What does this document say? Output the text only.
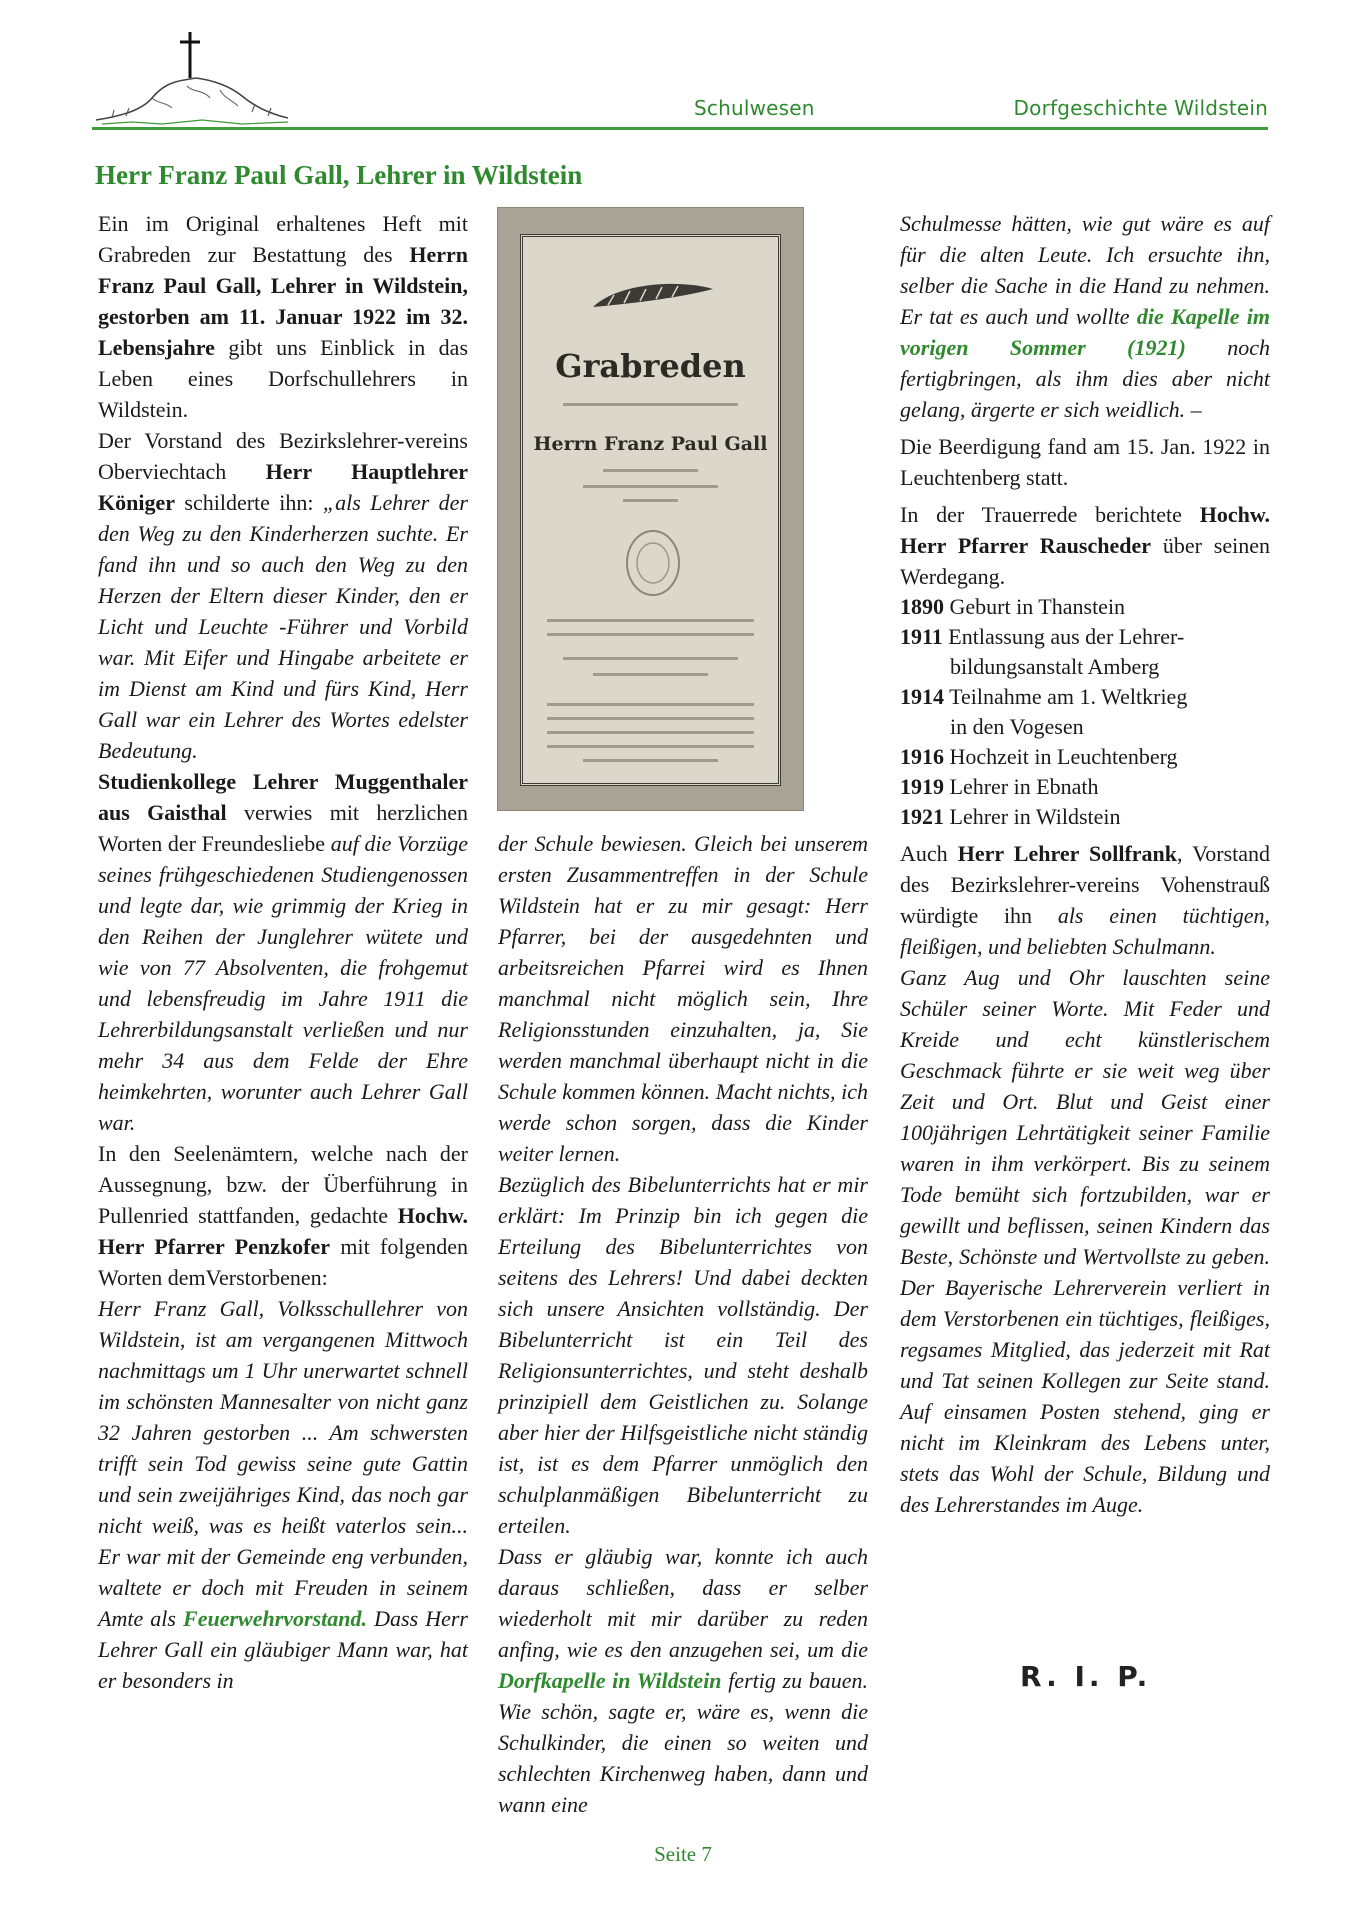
Schulwesen	Dorfgeschichte Wildstein
Herr Franz Paul Gall, Lehrer in Wildstein

Ein im Original erhaltenes Heft mit Grabreden zur Bestattung des Herrn Franz Paul Gall, Lehrer in Wildstein, gestorben am 11. Januar 1922 im 32. Lebensjahre gibt uns Einblick in das Leben eines Dorfschullehrers in Wildstein.

Der Vorstand des Bezirkslehrer-vereins Oberviechtach Herr Hauptlehrer Königer schilderte ihn: „als Lehrer der den Weg zu den Kinderherzen suchte. Er fand ihn und so auch den Weg zu den Herzen der Eltern dieser Kinder, den er Licht und Leuchte -Führer und Vorbild war. Mit Eifer und Hingabe arbeitete er im Dienst am Kind und fürs Kind, Herr Gall war ein Lehrer des Wortes edelster Bedeutung.

Studienkollege Lehrer Muggenthaler aus Gaisthal verwies mit herzlichen Worten der Freundesliebe auf die Vorzüge seines frühgeschiedenen Studiengenossen und legte dar, wie grimmig der Krieg in den Reihen der Junglehrer wütete und wie von 77 Absolventen, die frohgemut und lebensfreudig im Jahre 1911 die Lehrerbildungsanstalt verließen und nur mehr 34 aus dem Felde der Ehre heimkehrten, worunter auch Lehrer Gall war.

In den Seelenämtern, welche nach der Aussegnung, bzw. der Überführung in Pullenried stattfanden, gedachte Hochw. Herr Pfarrer Penzkofer mit folgenden Worten demVerstorbenen:

Herr Franz Gall, Volksschullehrer von Wildstein, ist am vergangenen Mittwoch nachmittags um 1 Uhr unerwartet schnell im schönsten Mannesalter von nicht ganz 32 Jahren gestorben ... Am schwersten trifft sein Tod gewiss seine gute Gattin und sein zweijähriges Kind, das noch gar nicht weiß, was es heißt vaterlos sein... Er war mit der Gemeinde eng verbunden, waltete er doch mit Freuden in seinem Amte als Feuerwehrvorstand. Dass Herr Lehrer Gall ein gläubiger Mann war, hat er besonders in

Grabreden
Herrn Franz Paul Gall

der Schule bewiesen. Gleich bei unserem ersten Zusammentreffen in der Schule Wildstein hat er zu mir gesagt: Herr Pfarrer, bei der ausgedehnten und arbeitsreichen Pfarrei wird es Ihnen manchmal nicht möglich sein, Ihre Religionsstunden einzuhalten, ja, Sie werden manchmal überhaupt nicht in die Schule kommen können. Macht nichts, ich werde schon sorgen, dass die Kinder weiter lernen.

Bezüglich des Bibelunterrichts hat er mir erklärt: Im Prinzip bin ich gegen die Erteilung des Bibelunterrichtes von seitens des Lehrers! Und dabei deckten sich unsere Ansichten vollständig. Der Bibelunterricht ist ein Teil des Religionsunterrichtes, und steht deshalb prinzipiell dem Geistlichen zu. Solange aber hier der Hilfsgeistliche nicht ständig ist, ist es dem Pfarrer unmöglich den schulplanmäßigen Bibelunterricht zu erteilen.

Dass er gläubig war, konnte ich auch daraus schließen, dass er selber wiederholt mit mir darüber zu reden anfing, wie es den anzugehen sei, um die Dorfkapelle in Wildstein fertig zu bauen. Wie schön, sagte er, wäre es, wenn die Schulkinder, die einen so weiten und schlechten Kirchenweg haben, dann und wann eine

Schulmesse hätten, wie gut wäre es auf für die alten Leute. Ich ersuchte ihn, selber die Sache in die Hand zu nehmen. Er tat es auch und wollte die Kapelle im vorigen Sommer (1921) noch fertigbringen, als ihm dies aber nicht gelang, ärgerte er sich weidlich. –

Die Beerdigung fand am 15. Jan. 1922 in Leuchtenberg statt.

In der Trauerrede berichtete Hochw. Herr Pfarrer Rauscheder über seinen Werdegang.

1890 Geburt in Thanstein

1911 Entlassung aus der Lehrer-
bildungsanstalt Amberg

1914 Teilnahme am 1. Weltkrieg
in den Vogesen

1916 Hochzeit in Leuchtenberg

1919 Lehrer in Ebnath

1921 Lehrer in Wildstein

Auch Herr Lehrer Sollfrank, Vorstand des Bezirkslehrer-vereins Vohenstrauß würdigte ihn als einen tüchtigen, fleißigen, und beliebten Schulmann.

Ganz Aug und Ohr lauschten seine Schüler seiner Worte. Mit Feder und Kreide und echt künstlerischem Geschmack führte er sie weit weg über Zeit und Ort. Blut und Geist einer 100jährigen Lehrtätigkeit seiner Familie waren in ihm verkörpert. Bis zu seinem Tode bemüht sich fortzubilden, war er gewillt und beflissen, seinen Kindern das Beste, Schönste und Wertvollste zu geben. Der Bayerische Lehrerverein verliert in dem Verstorbenen ein tüchtiges, fleißiges, regsames Mitglied, das jederzeit mit Rat und Tat seinen Kollegen zur Seite stand. Auf einsamen Posten stehend, ging er nicht im Kleinkram des Lebens unter, stets das Wohl der Schule, Bildung und des Lehrerstandes im Auge.

R. I. P.
Seite 7
